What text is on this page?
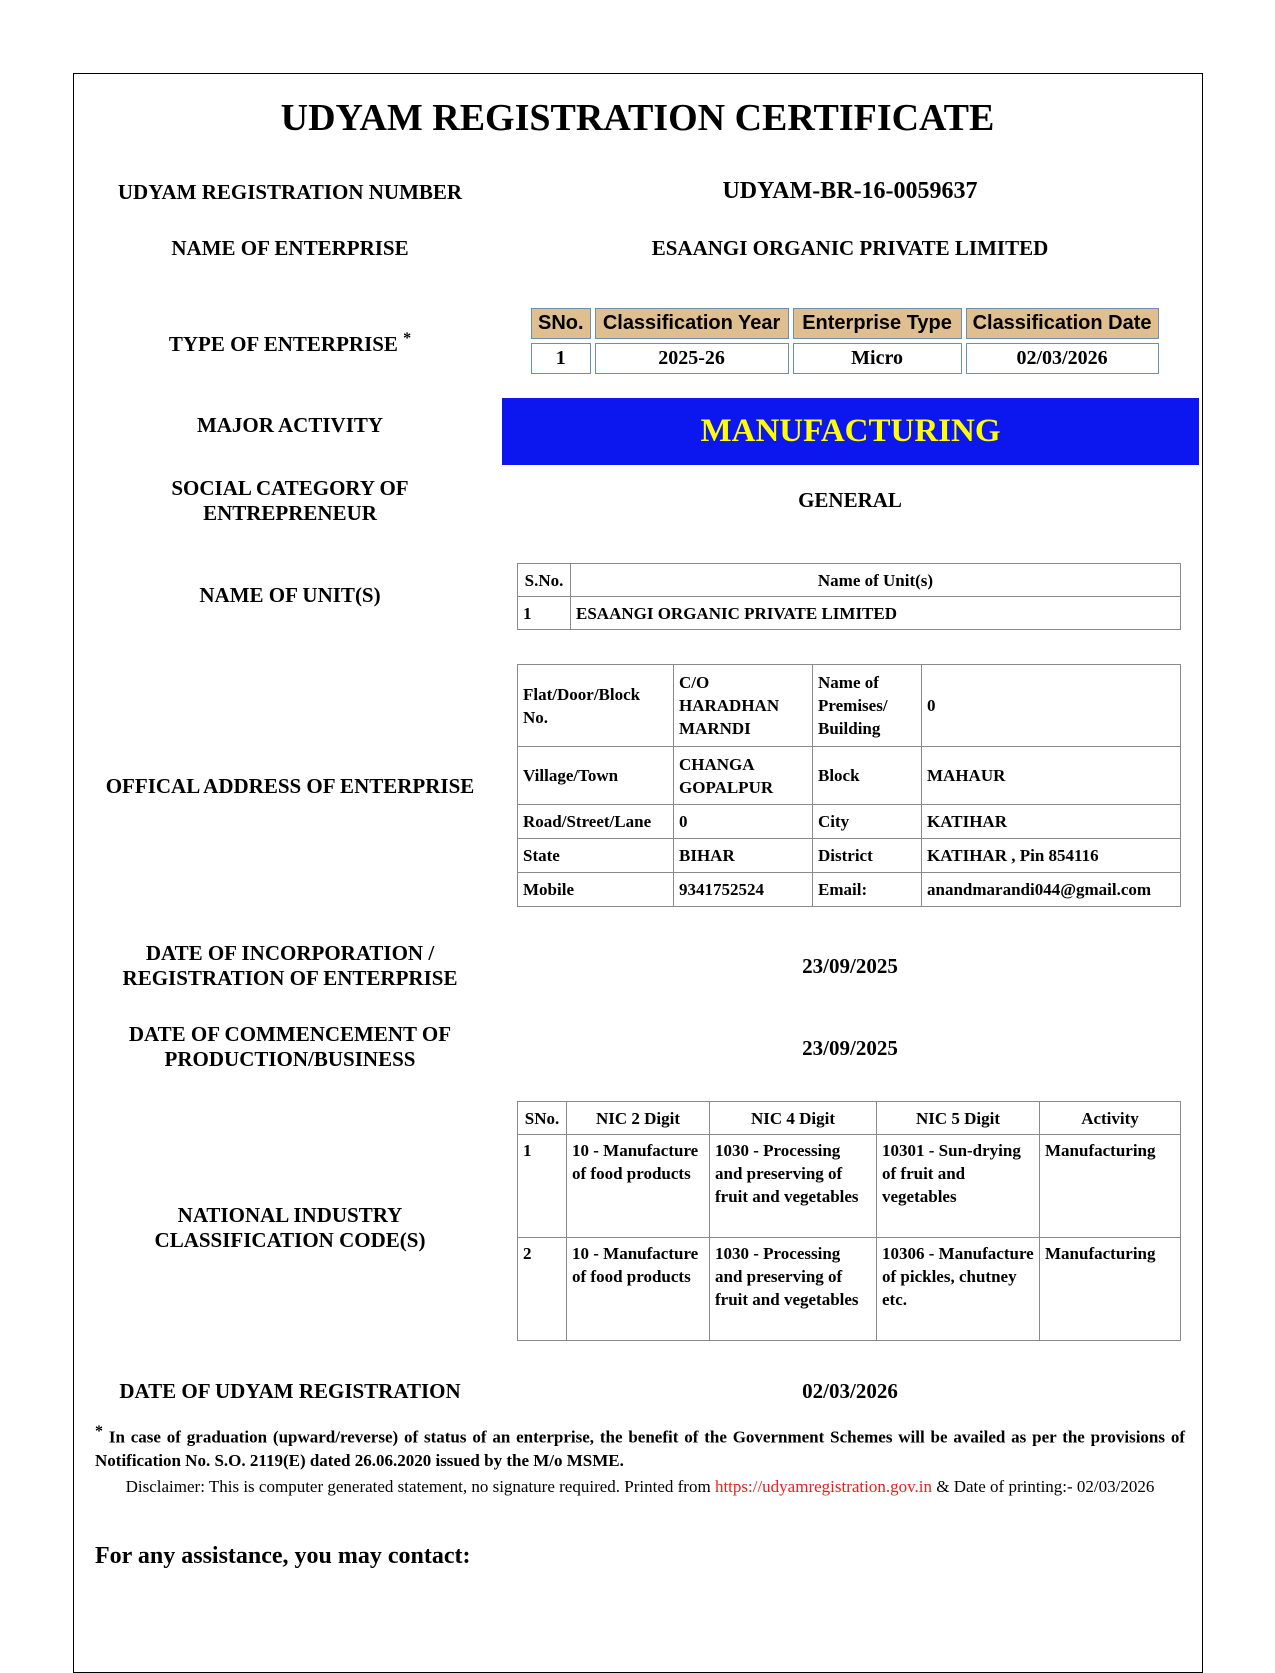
UDYAM REGISTRATION CERTIFICATE
UDYAM REGISTRATION NUMBER	UDYAM-BR-16-0059637
NAME OF ENTERPRISE	ESAANGI ORGANIC PRIVATE LIMITED
TYPE OF ENTERPRISE *
SNo.	Classification Year	Enterprise Type	Classification Date
1	2025-26	Micro	02/03/2026
MAJOR ACTIVITY	MANUFACTURING
SOCIAL CATEGORY OF
ENTREPRENEUR
GENERAL
NAME OF UNIT(S)
S.No.	Name of Unit(s)
1	ESAANGI ORGANIC PRIVATE LIMITED
OFFICAL ADDRESS OF ENTERPRISE
Flat/Door/Block No.	C/O HARADHAN MARNDI	Name of Premises/ Building	0
Village/Town	CHANGA GOPALPUR	Block	MAHAUR
Road/Street/Lane	0	City	KATIHAR
State	BIHAR	District	KATIHAR , Pin 854116
Mobile	9341752524	Email:	anandmarandi044@gmail.com
DATE OF INCORPORATION /
REGISTRATION OF ENTERPRISE	23/09/2025
DATE OF COMMENCEMENT OF
PRODUCTION/BUSINESS	23/09/2025
NATIONAL INDUSTRY
CLASSIFICATION CODE(S)
SNo.	NIC 2 Digit	NIC 4 Digit	NIC 5 Digit	Activity
1	10 - Manufacture of food products	1030 - Processing and preserving of fruit and vegetables	10301 - Sun-drying of fruit and vegetables	Manufacturing
2	10 - Manufacture of food products	1030 - Processing and preserving of fruit and vegetables	10306 - Manufacture of pickles, chutney etc.	Manufacturing
DATE OF UDYAM REGISTRATION	02/03/2026
* In case of graduation (upward/reverse) of status of an enterprise, the benefit of the Government Schemes will be availed as per the provisions of Notification No. S.O. 2119(E) dated 26.06.2020 issued by the M/o MSME.
Disclaimer: This is computer generated statement, no signature required. Printed from https://udyamregistration.gov.in & Date of printing:- 02/03/2026
For any assistance, you may contact:
